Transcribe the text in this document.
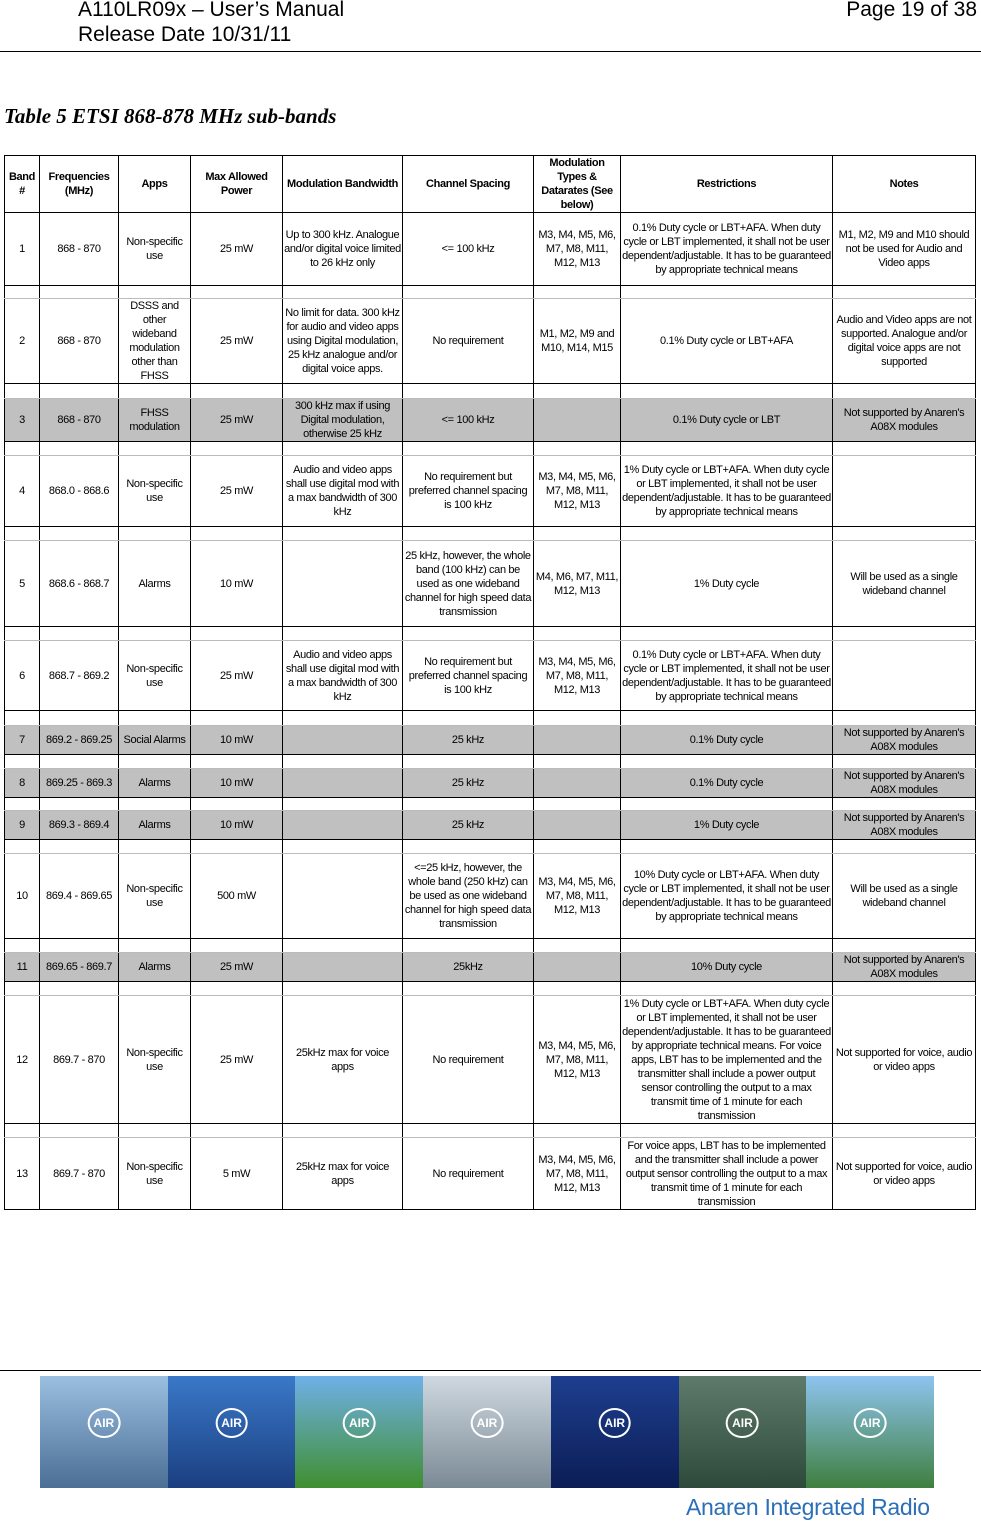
A110LR09x – User’s Manual
Release Date 10/31/11
Page 19 of 38
Table 5 ETSI 868-878 MHz sub-bands
Band #	Frequencies (MHz)	Apps	Max Allowed Power	Modulation Bandwidth	Channel Spacing	Modulation Types & Datarates (See below)	Restrictions	Notes
1	868 - 870	Non-specific use	25 mW	Up to 300 kHz. Analogue and/or digital voice limited to 26 kHz only	<= 100 kHz	M3, M4, M5, M6, M7, M8, M11, M12, M13	0.1% Duty cycle or LBT+AFA. When duty cycle or LBT implemented, it shall not be user dependent/adjustable. It has to be guaranteed by appropriate technical means	M1, M2, M9 and M10 should not be used for Audio and Video apps

2	868 - 870	DSSS and other wideband modulation other than FHSS	25 mW	No limit for data. 300 kHz for audio and video apps using Digital modulation, 25 kHz analogue and/or digital voice apps.	No requirement	M1, M2, M9 and M10, M14, M15	0.1% Duty cycle or LBT+AFA	Audio and Video apps are not supported. Analogue and/or digital voice apps are not supported

3	868 - 870	FHSS modulation	25 mW	300 kHz max if using Digital modulation, otherwise 25 kHz	<= 100 kHz		0.1% Duty cycle or LBT	Not supported by Anaren's A08X modules

4	868.0 - 868.6	Non-specific use	25 mW	Audio and video apps shall use digital mod with a max bandwidth of 300 kHz	No requirement but preferred channel spacing is 100 kHz	M3, M4, M5, M6, M7, M8, M11, M12, M13	1% Duty cycle or LBT+AFA. When duty cycle or LBT implemented, it shall not be user dependent/adjustable. It has to be guaranteed by appropriate technical means	

5	868.6 - 868.7	Alarms	10 mW		25 kHz, however, the whole band (100 kHz) can be used as one wideband channel for high speed data transmission	M4, M6, M7, M11, M12, M13	1% Duty cycle	Will be used as a single wideband channel

6	868.7 - 869.2	Non-specific use	25 mW	Audio and video apps shall use digital mod with a max bandwidth of 300 kHz	No requirement but preferred channel spacing is 100 kHz	M3, M4, M5, M6, M7, M8, M11, M12, M13	0.1% Duty cycle or LBT+AFA. When duty cycle or LBT implemented, it shall not be user dependent/adjustable. It has to be guaranteed by appropriate technical means	

7	869.2 - 869.25	Social Alarms	10 mW		25 kHz		0.1% Duty cycle	Not supported by Anaren's A08X modules

8	869.25 - 869.3	Alarms	10 mW		25 kHz		0.1% Duty cycle	Not supported by Anaren's A08X modules

9	869.3 - 869.4	Alarms	10 mW		25 kHz		1% Duty cycle	Not supported by Anaren's A08X modules

10	869.4 - 869.65	Non-specific use	500 mW		<=25 kHz, however, the whole band (250 kHz) can be used as one wideband channel for high speed data transmission	M3, M4, M5, M6, M7, M8, M11, M12, M13	10% Duty cycle or LBT+AFA. When duty cycle or LBT implemented, it shall not be user dependent/adjustable. It has to be guaranteed by appropriate technical means	Will be used as a single wideband channel

11	869.65 - 869.7	Alarms	25 mW		25kHz		10% Duty cycle	Not supported by Anaren's A08X modules

12	869.7 - 870	Non-specific use	25 mW	25kHz max for voice apps	No requirement	M3, M4, M5, M6, M7, M8, M11, M12, M13	1% Duty cycle or LBT+AFA. When duty cycle or LBT implemented, it shall not be user dependent/adjustable. It has to be guaranteed by appropriate technical means. For voice apps, LBT has to be implemented and the transmitter shall include a power output sensor controlling the output to a max transmit time of 1 minute for each transmission	Not supported for voice, audio or video apps

13	869.7 - 870	Non-specific use	5 mW	25kHz max for voice apps	No requirement	M3, M4, M5, M6, M7, M8, M11, M12, M13	For voice apps, LBT has to be implemented and the transmitter shall include a power output sensor controlling the output to a max transmit time of 1 minute for each transmission	Not supported for voice, audio or video apps
AIR	AIR	AIR	AIR	AIR	AIR	AIR
Anaren Integrated Radio
